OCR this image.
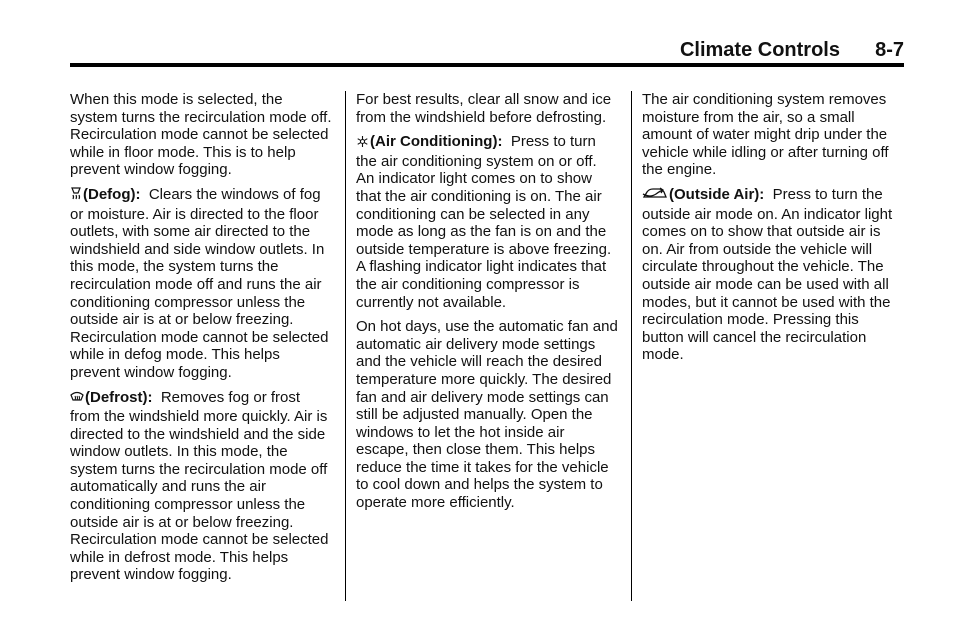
Climate Controls 8-7

When this mode is selected, the system turns the recirculation mode off. Recirculation mode cannot be selected while in floor mode. This is to help prevent window fogging.

(Defog): Clears the windows of fog or moisture. Air is directed to the floor outlets, with some air directed to the windshield and side window outlets. In this mode, the system turns the recirculation mode off and runs the air conditioning compressor unless the outside air is at or below freezing. Recirculation mode cannot be selected while in defog mode. This helps prevent window fogging.

(Defrost): Removes fog or frost from the windshield more quickly. Air is directed to the windshield and the side window outlets. In this mode, the system turns the recirculation mode off automatically and runs the air conditioning compressor unless the outside air is at or below freezing. Recirculation mode cannot be selected while in defrost mode. This helps prevent window fogging.

For best results, clear all snow and ice from the windshield before defrosting.

(Air Conditioning): Press to turn the air conditioning system on or off. An indicator light comes on to show that the air conditioning is on. The air conditioning can be selected in any mode as long as the fan is on and the outside temperature is above freezing. A flashing indicator light indicates that the air conditioning compressor is currently not available.

On hot days, use the automatic fan and automatic air delivery mode settings and the vehicle will reach the desired temperature more quickly. The desired fan and air delivery mode settings can still be adjusted manually. Open the windows to let the hot inside air escape, then close them. This helps reduce the time it takes for the vehicle to cool down and helps the system to operate more efficiently.

The air conditioning system removes moisture from the air, so a small amount of water might drip under the vehicle while idling or after turning off the engine.

(Outside Air): Press to turn the outside air mode on. An indicator light comes on to show that outside air is on. Air from outside the vehicle will circulate throughout the vehicle. The outside air mode can be used with all modes, but it cannot be used with the recirculation mode. Pressing this button will cancel the recirculation mode.
